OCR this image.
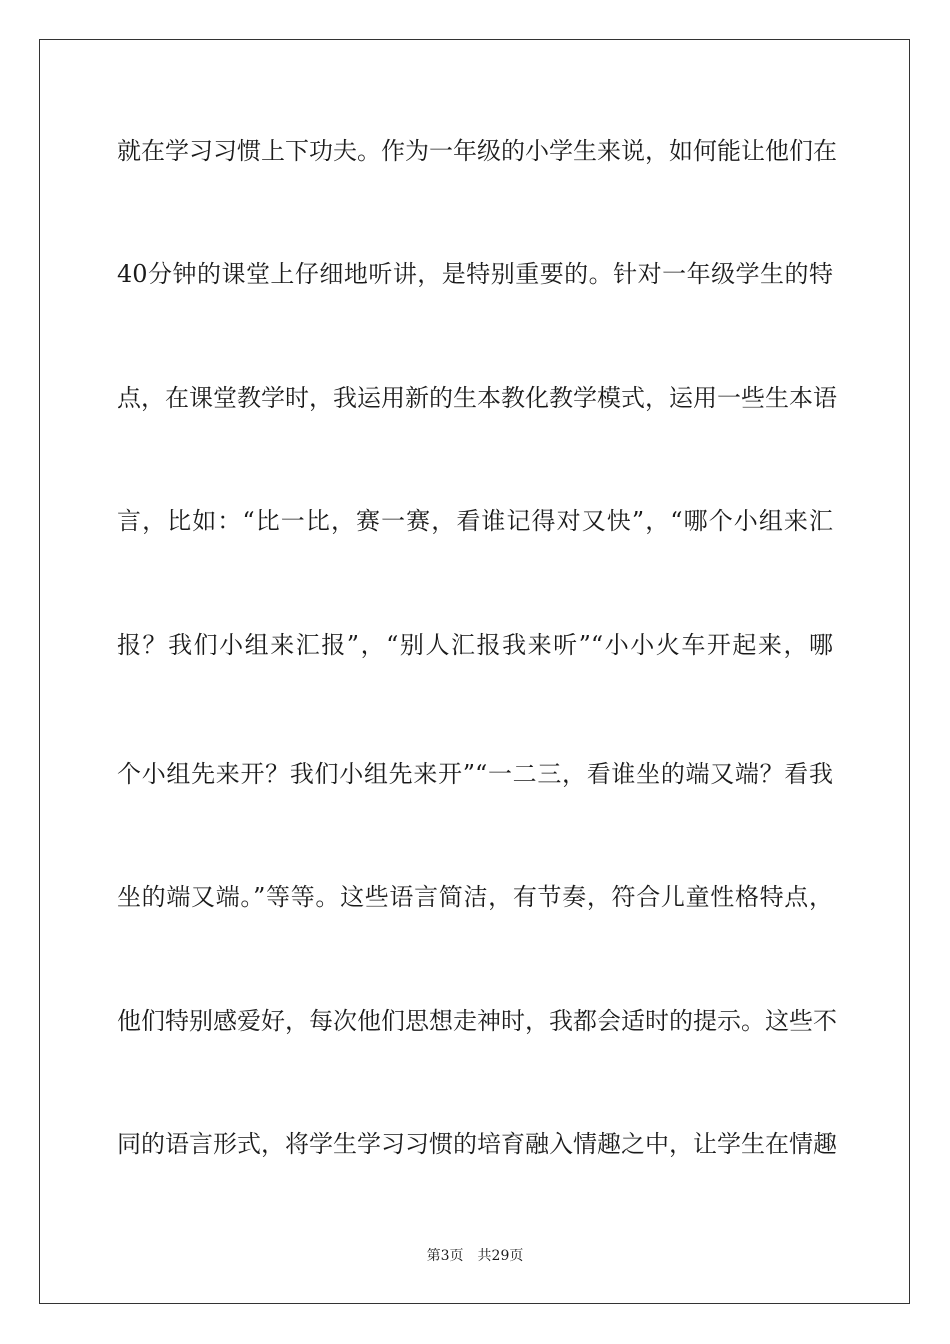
就在学习习惯上下功夫。作为一年级的小学生来说，如何能让他们在
40分钟的课堂上仔细地听讲，是特别重要的。针对一年级学生的特
点，在课堂教学时，我运用新的生本教化教学模式，运用一些生本语
言，比如：“比一比，赛一赛，看谁记得对又快”，“哪个小组来汇
报？我们小组来汇报”，“别人汇报我来听”“小小火车开起来，哪
个小组先来开？我们小组先来开”“一二三，看谁坐的端又端？看我
坐的端又端。”等等。这些语言简洁，有节奏，符合儿童性格特点，
他们特别感爱好，每次他们思想走神时，我都会适时的提示。这些不
同的语言形式，将学生学习习惯的培育融入情趣之中，让学生在情趣
第3页 共29页
